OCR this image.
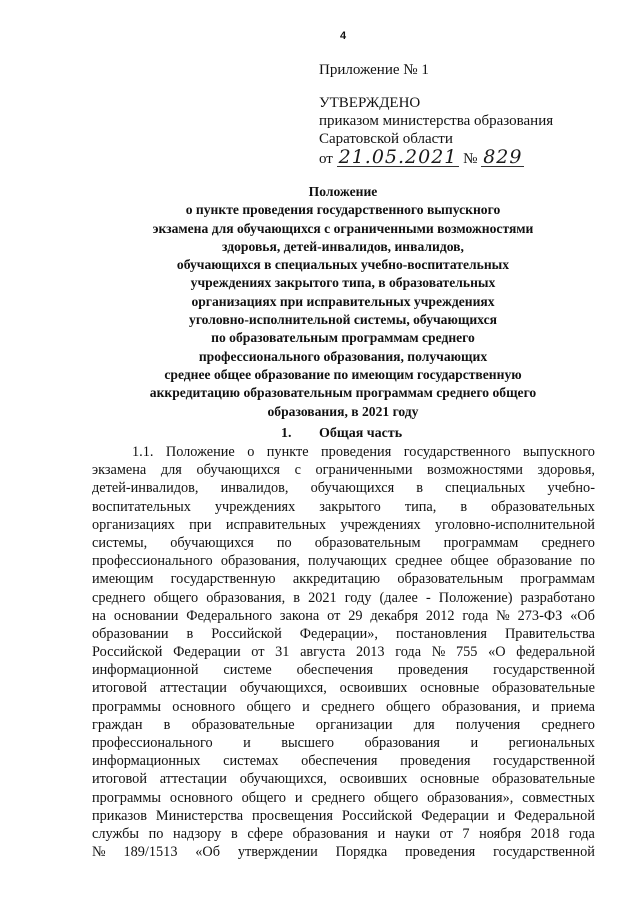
4
Приложение № 1
УТВЕРЖДЕНО
приказом министерства образования
Саратовской области
от 21.05.2021 № 829
Положение
о пункте проведения государственного выпускного
экзамена для обучающихся с ограниченными возможностями
здоровья, детей-инвалидов, инвалидов,
обучающихся в специальных учебно-воспитательных
учреждениях закрытого типа, в образовательных
организациях при исправительных учреждениях
уголовно-исполнительной системы, обучающихся
по образовательным программам среднего
профессионального образования, получающих
среднее общее образование по имеющим государственную
аккредитацию образовательным программам среднего общего
образования, в 2021 году
1. Общая часть
1.1. Положение о пункте проведения государственного выпускного
экзамена для обучающихся с ограниченными возможностями здоровья,
детей-инвалидов, инвалидов, обучающихся в специальных учебно-
воспитательных учреждениях закрытого типа, в образовательных
организациях при исправительных учреждениях уголовно-исполнительной
системы, обучающихся по образовательным программам среднего
профессионального образования, получающих среднее общее образование по
имеющим государственную аккредитацию образовательным программам
среднего общего образования, в 2021 году (далее - Положение) разработано
на основании Федерального закона от 29 декабря 2012 года № 273-ФЗ «Об
образовании в Российской Федерации», постановления Правительства
Российской Федерации от 31 августа 2013 года № 755 «О федеральной
информационной системе обеспечения проведения государственной
итоговой аттестации обучающихся, освоивших основные образовательные
программы основного общего и среднего общего образования, и приема
граждан в образовательные организации для получения среднего
профессионального и высшего образования и региональных
информационных системах обеспечения проведения государственной
итоговой аттестации обучающихся, освоивших основные образовательные
программы основного общего и среднего общего образования», совместных
приказов Министерства просвещения Российской Федерации и Федеральной
службы по надзору в сфере образования и науки от 7 ноября 2018 года
№ 189/1513 «Об утверждении Порядка проведения государственной
